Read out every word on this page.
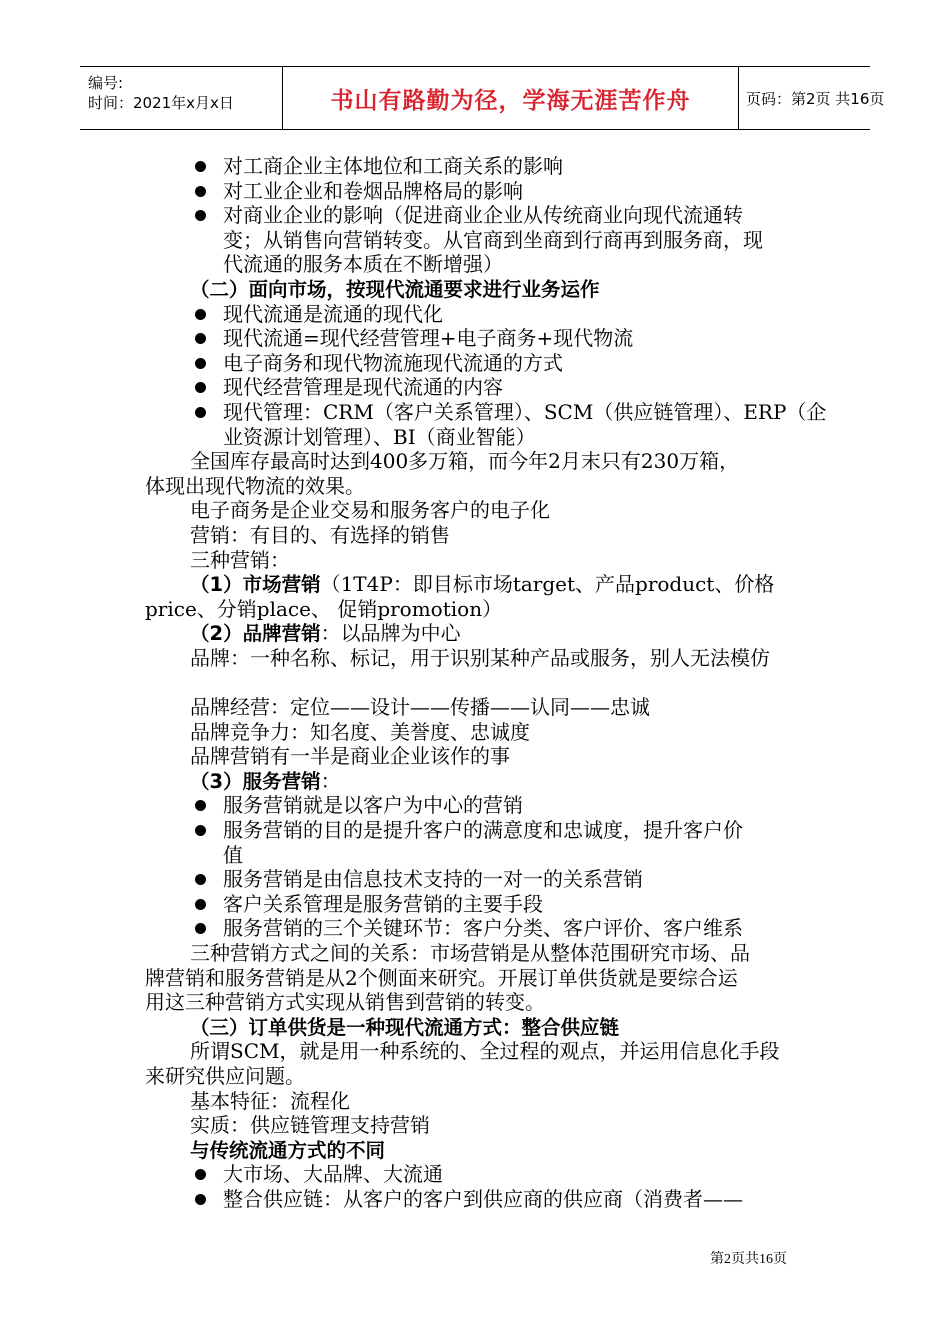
编号:
时间：2021年x月x日	书山有路勤为径，学海无涯苦作舟	页码：第2页 共16页
对工商企业主体地位和工商关系的影响
对工业企业和卷烟品牌格局的影响
对商业企业的影响（促进商业企业从传统商业向现代流通转
变；从销售向营销转变。从官商到坐商到行商再到服务商，现
代流通的服务本质在不断增强）
（二）面向市场，按现代流通要求进行业务运作
现代流通是流通的现代化
现代流通=现代经营管理+电子商务+现代物流
电子商务和现代物流施现代流通的方式
现代经营管理是现代流通的内容
现代管理：CRM（客户关系管理）、SCM（供应链管理）、ERP（企
业资源计划管理）、BI（商业智能）
全国库存最高时达到400多万箱，而今年2月末只有230万箱，
体现出现代物流的效果。
电子商务是企业交易和服务客户的电子化
营销：有目的、有选择的销售
三种营销：
（1）市场营销（1T4P：即目标市场target、产品product、价格
price、分销place、 促销promotion）
（2）品牌营销：以品牌为中心
品牌：一种名称、标记，用于识别某种产品或服务，别人无法模仿
品牌经营：定位——设计——传播——认同——忠诚
品牌竞争力：知名度、美誉度、忠诚度
品牌营销有一半是商业企业该作的事
（3）服务营销：
服务营销就是以客户为中心的营销
服务营销的目的是提升客户的满意度和忠诚度，提升客户价
值
服务营销是由信息技术支持的一对一的关系营销
客户关系管理是服务营销的主要手段
服务营销的三个关键环节：客户分类、客户评价、客户维系
三种营销方式之间的关系：市场营销是从整体范围研究市场、品
牌营销和服务营销是从2个侧面来研究。开展订单供货就是要综合运
用这三种营销方式实现从销售到营销的转变。
（三）订单供货是一种现代流通方式：整合供应链
所谓SCM，就是用一种系统的、全过程的观点，并运用信息化手段
来研究供应问题。
基本特征：流程化
实质：供应链管理支持营销
与传统流通方式的不同
大市场、大品牌、大流通
整合供应链：从客户的客户到供应商的供应商（消费者——
第2页共16页
